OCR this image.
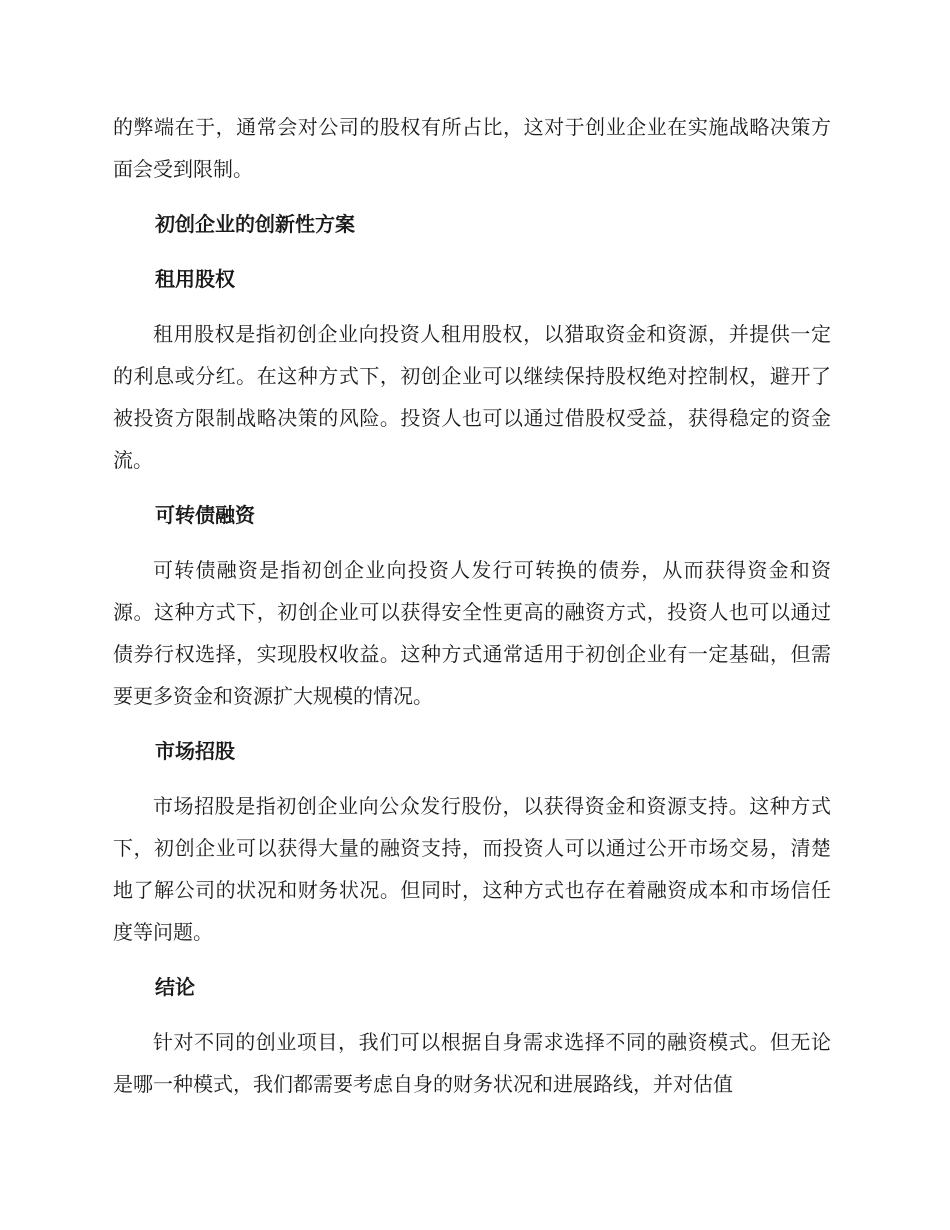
的弊端在于，通常会对公司的股权有所占比，这对于创业企业在实施战略决策方面会受到限制。

初创企业的创新性方案
租用股权

租用股权是指初创企业向投资人租用股权，以猎取资金和资源，并提供一定的利息或分红。在这种方式下，初创企业可以继续保持股权绝对控制权，避开了被投资方限制战略决策的风险。投资人也可以通过借股权受益，获得稳定的资金流。

可转债融资

可转债融资是指初创企业向投资人发行可转换的债券，从而获得资金和资源。这种方式下，初创企业可以获得安全性更高的融资方式，投资人也可以通过债券行权选择，实现股权收益。这种方式通常适用于初创企业有一定基础，但需要更多资金和资源扩大规模的情况。

市场招股

市场招股是指初创企业向公众发行股份，以获得资金和资源支持。这种方式下，初创企业可以获得大量的融资支持，而投资人可以通过公开市场交易，清楚地了解公司的状况和财务状况。但同时，这种方式也存在着融资成本和市场信任度等问题。

结论

针对不同的创业项目，我们可以根据自身需求选择不同的融资模式。但无论是哪一种模式，我们都需要考虑自身的财务状况和进展路线，并对估值
